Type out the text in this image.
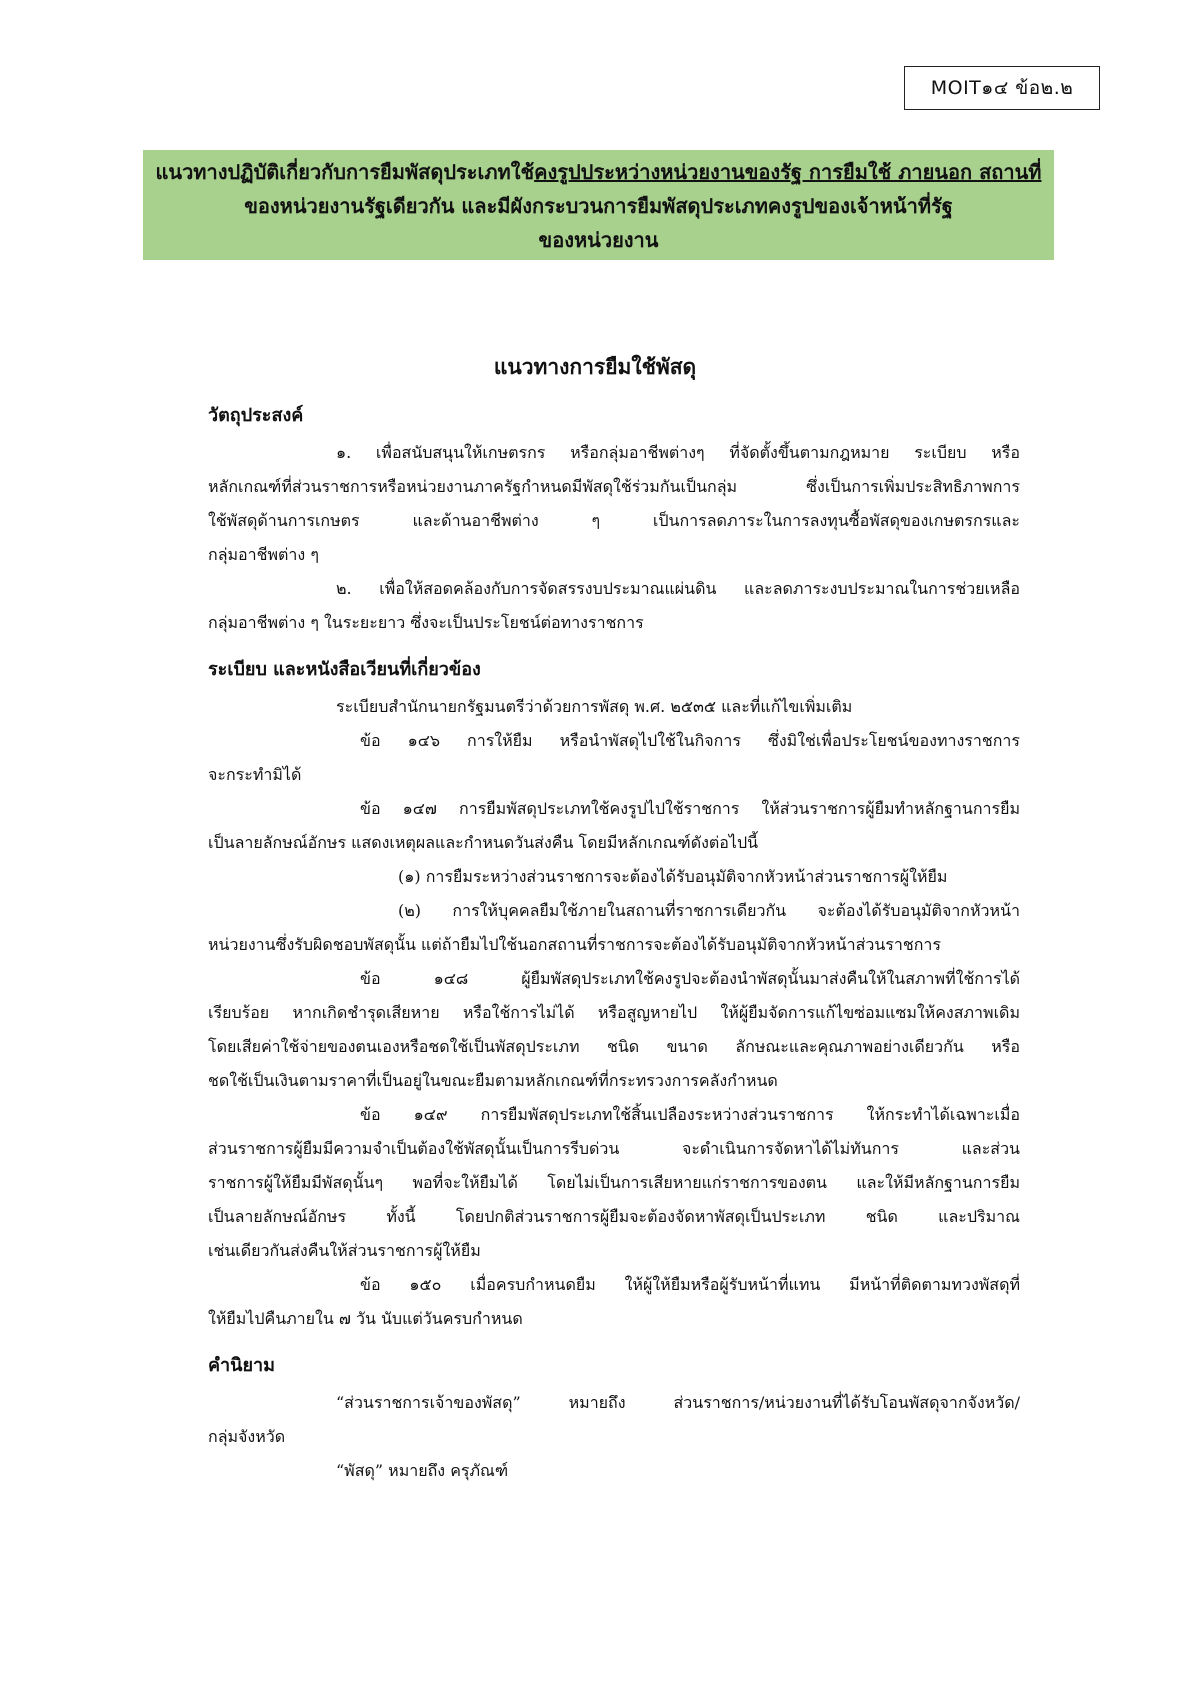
MOIT๑๔ ข้อ๒.๒
แนวทางปฏิบัติเกี่ยวกับการยืมพัสดุประเภทใช้คงรูปประหว่างหน่วยงานของรัฐ การยืมใช้ ภายนอก สถานที่
ของหน่วยงานรัฐเดียวกัน และมีผังกระบวนการยืมพัสดุประเภทคงรูปของเจ้าหน้าที่รัฐ
ของหน่วยงาน
แนวทางการยืมใช้พัสดุ

วัตถุประสงค์

๑. เพื่อสนับสนุนให้เกษตรกร หรือกลุ่มอาชีพต่างๆ ที่จัดตั้งขึ้นตามกฎหมาย ระเบียบ หรือ

หลักเกณฑ์ที่ส่วนราชการหรือหน่วยงานภาครัฐกำหนดมีพัสดุใช้ร่วมกันเป็นกลุ่ม ซึ่งเป็นการเพิ่มประสิทธิภาพการ

ใช้พัสดุด้านการเกษตร และด้านอาชีพต่าง ๆ เป็นการลดภาระในการลงทุนซื้อพัสดุของเกษตรกรและ

กลุ่มอาชีพต่าง ๆ

๒. เพื่อให้สอดคล้องกับการจัดสรรงบประมาณแผ่นดิน และลดภาระงบประมาณในการช่วยเหลือ

กลุ่มอาชีพต่าง ๆ ในระยะยาว ซึ่งจะเป็นประโยชน์ต่อทางราชการ

ระเบียบ และหนังสือเวียนที่เกี่ยวข้อง

ระเบียบสำนักนายกรัฐมนตรีว่าด้วยการพัสดุ พ.ศ. ๒๕๓๕ และที่แก้ไขเพิ่มเติม

ข้อ ๑๔๖ การให้ยืม หรือนำพัสดุไปใช้ในกิจการ ซึ่งมิใช่เพื่อประโยชน์ของทางราชการ

จะกระทำมิได้

ข้อ ๑๔๗ การยืมพัสดุประเภทใช้คงรูปไปใช้ราชการ ให้ส่วนราชการผู้ยืมทำหลักฐานการยืม

เป็นลายลักษณ์อักษร แสดงเหตุผลและกำหนดวันส่งคืน โดยมีหลักเกณฑ์ดังต่อไปนี้

(๑) การยืมระหว่างส่วนราชการจะต้องได้รับอนุมัติจากหัวหน้าส่วนราชการผู้ให้ยืม

(๒) การให้บุคคลยืมใช้ภายในสถานที่ราชการเดียวกัน จะต้องได้รับอนุมัติจากหัวหน้า

หน่วยงานซึ่งรับผิดชอบพัสดุนั้น แต่ถ้ายืมไปใช้นอกสถานที่ราชการจะต้องได้รับอนุมัติจากหัวหน้าส่วนราชการ

ข้อ ๑๔๘ ผู้ยืมพัสดุประเภทใช้คงรูปจะต้องนำพัสดุนั้นมาส่งคืนให้ในสภาพที่ใช้การได้

เรียบร้อย หากเกิดชำรุดเสียหาย หรือใช้การไม่ได้ หรือสูญหายไป ให้ผู้ยืมจัดการแก้ไขซ่อมแซมให้คงสภาพเดิม

โดยเสียค่าใช้จ่ายของตนเองหรือชดใช้เป็นพัสดุประเภท ชนิด ขนาด ลักษณะและคุณภาพอย่างเดียวกัน หรือ

ชดใช้เป็นเงินตามราคาที่เป็นอยู่ในขณะยืมตามหลักเกณฑ์ที่กระทรวงการคลังกำหนด

ข้อ ๑๔๙ การยืมพัสดุประเภทใช้สิ้นเปลืองระหว่างส่วนราชการ ให้กระทำได้เฉพาะเมื่อ

ส่วนราชการผู้ยืมมีความจำเป็นต้องใช้พัสดุนั้นเป็นการรีบด่วน จะดำเนินการจัดหาได้ไม่ทันการ และส่วน

ราชการผู้ให้ยืมมีพัสดุนั้นๆ พอที่จะให้ยืมได้ โดยไม่เป็นการเสียหายแก่ราชการของตน และให้มีหลักฐานการยืม

เป็นลายลักษณ์อักษร ทั้งนี้ โดยปกติส่วนราชการผู้ยืมจะต้องจัดหาพัสดุเป็นประเภท ชนิด และปริมาณ

เช่นเดียวกันส่งคืนให้ส่วนราชการผู้ให้ยืม

ข้อ ๑๕๐ เมื่อครบกำหนดยืม ให้ผู้ให้ยืมหรือผู้รับหน้าที่แทน มีหน้าที่ติดตามทวงพัสดุที่

ให้ยืมไปคืนภายใน ๗ วัน นับแต่วันครบกำหนด

คำนิยาม

“ส่วนราชการเจ้าของพัสดุ” หมายถึง ส่วนราชการ/หน่วยงานที่ได้รับโอนพัสดุจากจังหวัด/

กลุ่มจังหวัด

“พัสดุ” หมายถึง ครุภัณฑ์
